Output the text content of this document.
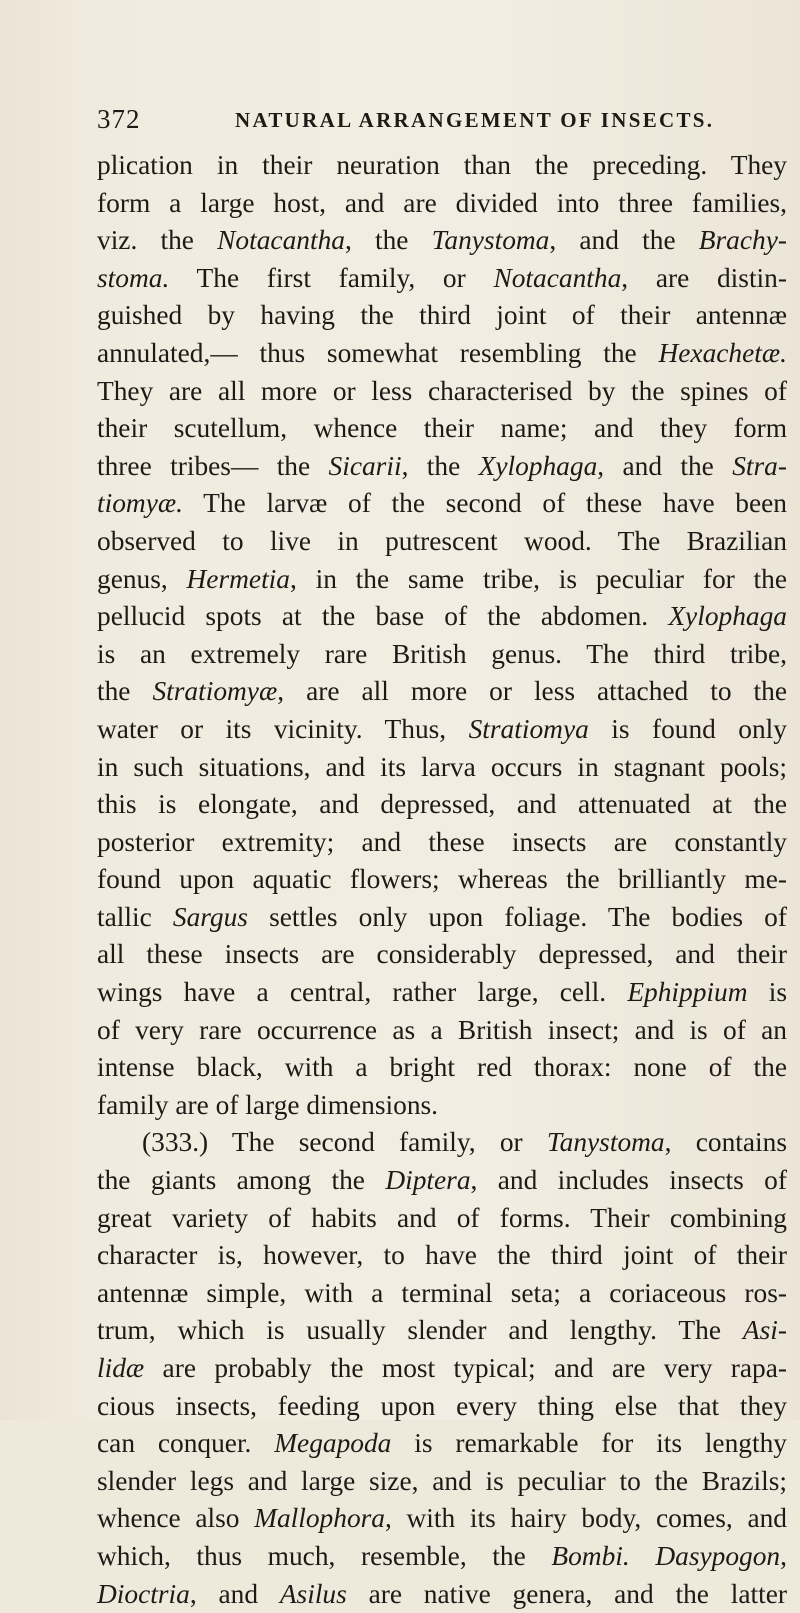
372	NATURAL ARRANGEMENT OF INSECTS.
plication in their neuration than the preceding. They
form a large host, and are divided into three families,
viz. the Notacantha, the Tanystoma, and the Brachy-
stoma. The first family, or Notacantha, are distin-
guished by having the third joint of their antennæ
annulated,— thus somewhat resembling the Hexachetæ.
They are all more or less characterised by the spines of
their scutellum, whence their name; and they form
three tribes— the Sicarii, the Xylophaga, and the Stra-
tiomyæ. The larvæ of the second of these have been
observed to live in putrescent wood. The Brazilian
genus, Hermetia, in the same tribe, is peculiar for the
pellucid spots at the base of the abdomen. Xylophaga
is an extremely rare British genus. The third tribe,
the Stratiomyæ, are all more or less attached to the
water or its vicinity. Thus, Stratiomya is found only
in such situations, and its larva occurs in stagnant pools;
this is elongate, and depressed, and attenuated at the
posterior extremity; and these insects are constantly
found upon aquatic flowers; whereas the brilliantly me-
tallic Sargus settles only upon foliage. The bodies of
all these insects are considerably depressed, and their
wings have a central, rather large, cell. Ephippium is
of very rare occurrence as a British insect; and is of an
intense black, with a bright red thorax: none of the
family are of large dimensions.
(333.) The second family, or Tanystoma, contains
the giants among the Diptera, and includes insects of
great variety of habits and of forms. Their combining
character is, however, to have the third joint of their
antennæ simple, with a terminal seta; a coriaceous ros-
trum, which is usually slender and lengthy. The Asi-
lidæ are probably the most typical; and are very rapa-
cious insects, feeding upon every thing else that they
can conquer. Megapoda is remarkable for its lengthy
slender legs and large size, and is peculiar to the Brazils;
whence also Mallophora, with its hairy body, comes, and
which, thus much, resemble, the Bombi. Dasypogon,
Dioctria, and Asilus are native genera, and the latter
